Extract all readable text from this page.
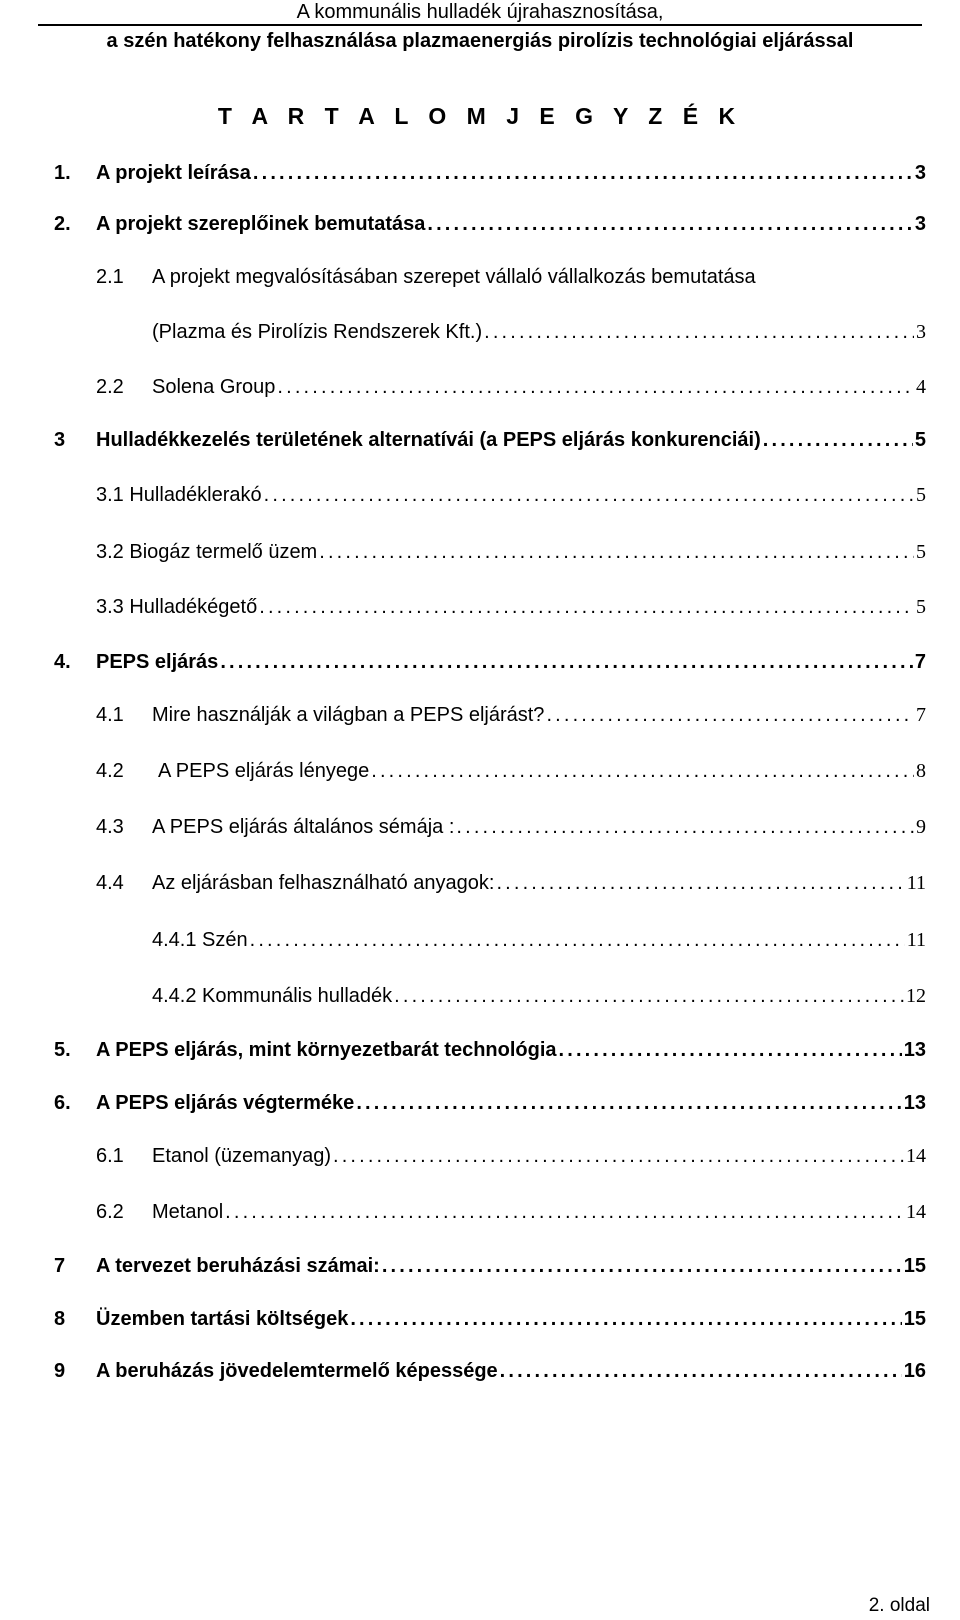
A kommunális hulladék újrahasznosítása,
a szén hatékony felhasználása plazmaenergiás pirolízis technológiai eljárással
T A R T A L O M J E G Y Z É K
1.	A projekt leírása . . .	3
2.	A projekt szereplőinek bemutatása . . .	3
2.1	A projekt megvalósításában szerepet vállaló vállalkozás bemutatása
(Plazma és Pirolízis Rendszerek Kft.) . . .	3
2.2	Solena Group . . .	4
3	Hulladékkezelés területének alternatívái (a PEPS eljárás konkurenciái) . . .	5
3.1 Hulladéklerakó . . .	5
3.2 Biogáz termelő üzem . . .	5
3.3 Hulladékégető . . .	5
4.	PEPS eljárás . . .	7
4.1	Mire használják a világban a PEPS eljárást? . . .	7
4.2	A PEPS eljárás lényege . . .	8
4.3	A PEPS eljárás általános sémája : . . .	9
4.4	Az eljárásban felhasználható anyagok: . . .	11
4.4.1 Szén . . .	11
4.4.2 Kommunális hulladék . . .	12
5.	A PEPS eljárás, mint környezetbarát technológia . . .	13
6.	A PEPS eljárás végterméke . . .	13
6.1	Etanol (üzemanyag) . . .	14
6.2	Metanol . . .	14
7	A tervezet beruházási számai: . . .	15
8	Üzemben tartási költségek . . .	15
9	A beruházás jövedelemtermelő képessége . . .	16
2. oldal
